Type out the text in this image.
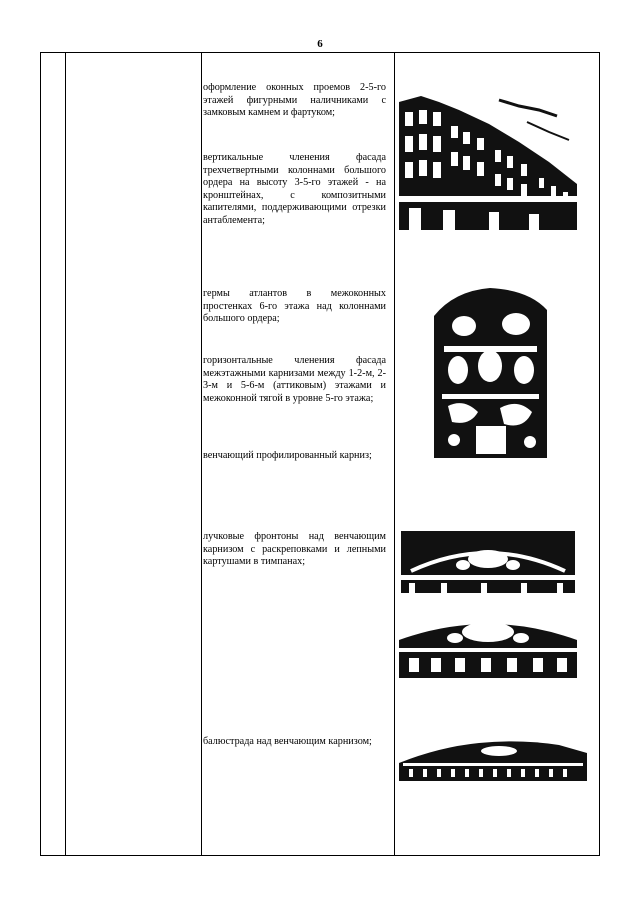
6

оформление оконных проемов 2-5-го этажей фигурными наличниками с замковым камнем и фартуком;

вертикальные членения фасада трехчетвертными колоннами большого ордера на высоту 3-5-го этажей - на кронштейнах, с композитными капителями, поддерживающими отрезки антаблемента;

гермы атлантов в межоконных простенках 6-го этажа над колоннами большого ордера;

горизонтальные членения фасада межэтажными карнизами между 1-2-м, 2-3-м и 5-6-м (аттиковым) этажами и межоконной тягой в уровне 5-го этажа;

венчающий профилированный карниз;

лучковые фронтоны над венчающим карнизом с раскреповками и лепными картушами в тимпанах;

балюстрада над венчающим карнизом;
